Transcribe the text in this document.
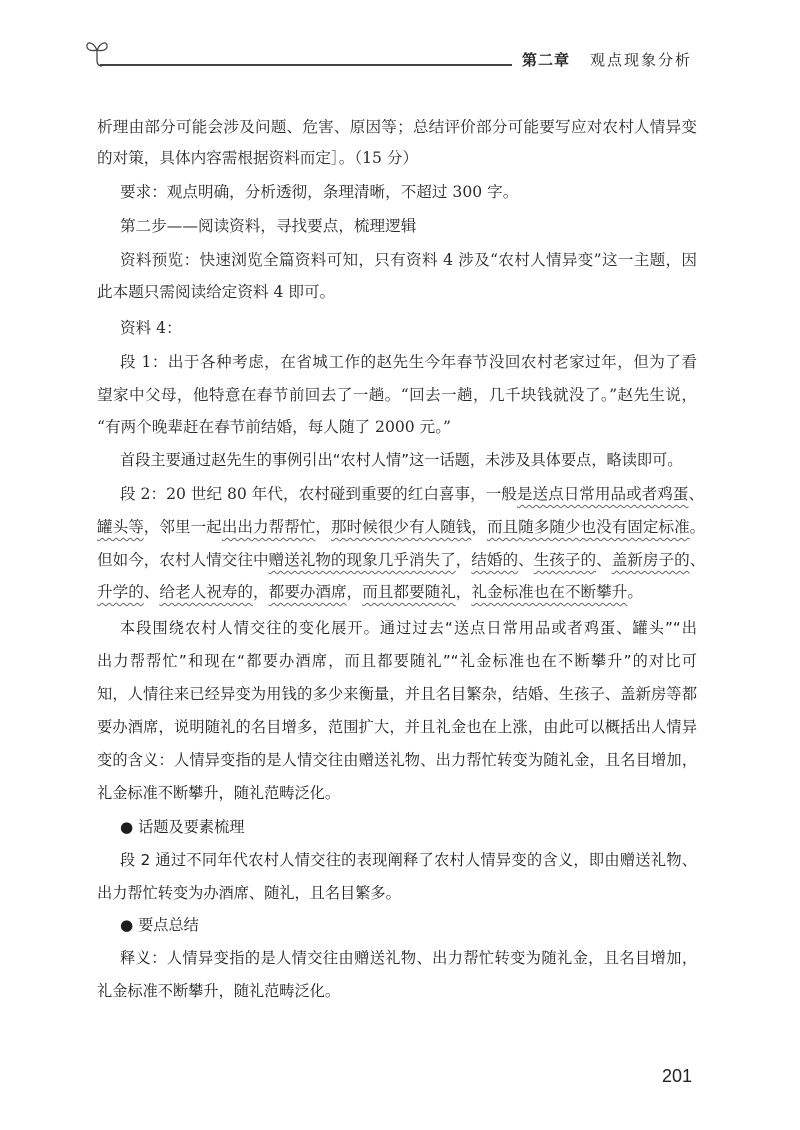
第二章 观点现象分析
析理由部分可能会涉及问题、危害、原因等；总结评价部分可能要写应对农村人情异变
的对策，具体内容需根据资料而定］。（15 分）
要求：观点明确，分析透彻，条理清晰，不超过 300 字。
第二步——阅读资料，寻找要点，梳理逻辑
资料预览：快速浏览全篇资料可知，只有资料 4 涉及“农村人情异变”这一主题，因
此本题只需阅读给定资料 4 即可。
资料 4：
段 1：出于各种考虑，在省城工作的赵先生今年春节没回农村老家过年，但为了看
望家中父母，他特意在春节前回去了一趟。“回去一趟，几千块钱就没了。”赵先生说，
“有两个晚辈赶在春节前结婚，每人随了 2000 元。”
首段主要通过赵先生的事例引出“农村人情”这一话题，未涉及具体要点，略读即可。
段 2：20 世纪 80 年代，农村碰到重要的红白喜事，一般是送点日常用品或者鸡蛋、
罐头等，邻里一起出出力帮帮忙，那时候很少有人随钱，而且随多随少也没有固定标准。
但如今，农村人情交往中赠送礼物的现象几乎消失了，结婚的、生孩子的、盖新房子的、
升学的、给老人祝寿的，都要办酒席，而且都要随礼，礼金标准也在不断攀升。
本段围绕农村人情交往的变化展开。通过过去“送点日常用品或者鸡蛋、罐头”“出
出力帮帮忙”和现在“都要办酒席，而且都要随礼”“礼金标准也在不断攀升”的对比可
知，人情往来已经异变为用钱的多少来衡量，并且名目繁杂，结婚、生孩子、盖新房等都
要办酒席，说明随礼的名目增多，范围扩大，并且礼金也在上涨，由此可以概括出人情异
变的含义：人情异变指的是人情交往由赠送礼物、出力帮忙转变为随礼金，且名目增加，
礼金标准不断攀升，随礼范畴泛化。
● 话题及要素梳理
段 2 通过不同年代农村人情交往的表现阐释了农村人情异变的含义，即由赠送礼物、
出力帮忙转变为办酒席、随礼，且名目繁多。
● 要点总结
释义：人情异变指的是人情交往由赠送礼物、出力帮忙转变为随礼金，且名目增加，
礼金标准不断攀升，随礼范畴泛化。
201
